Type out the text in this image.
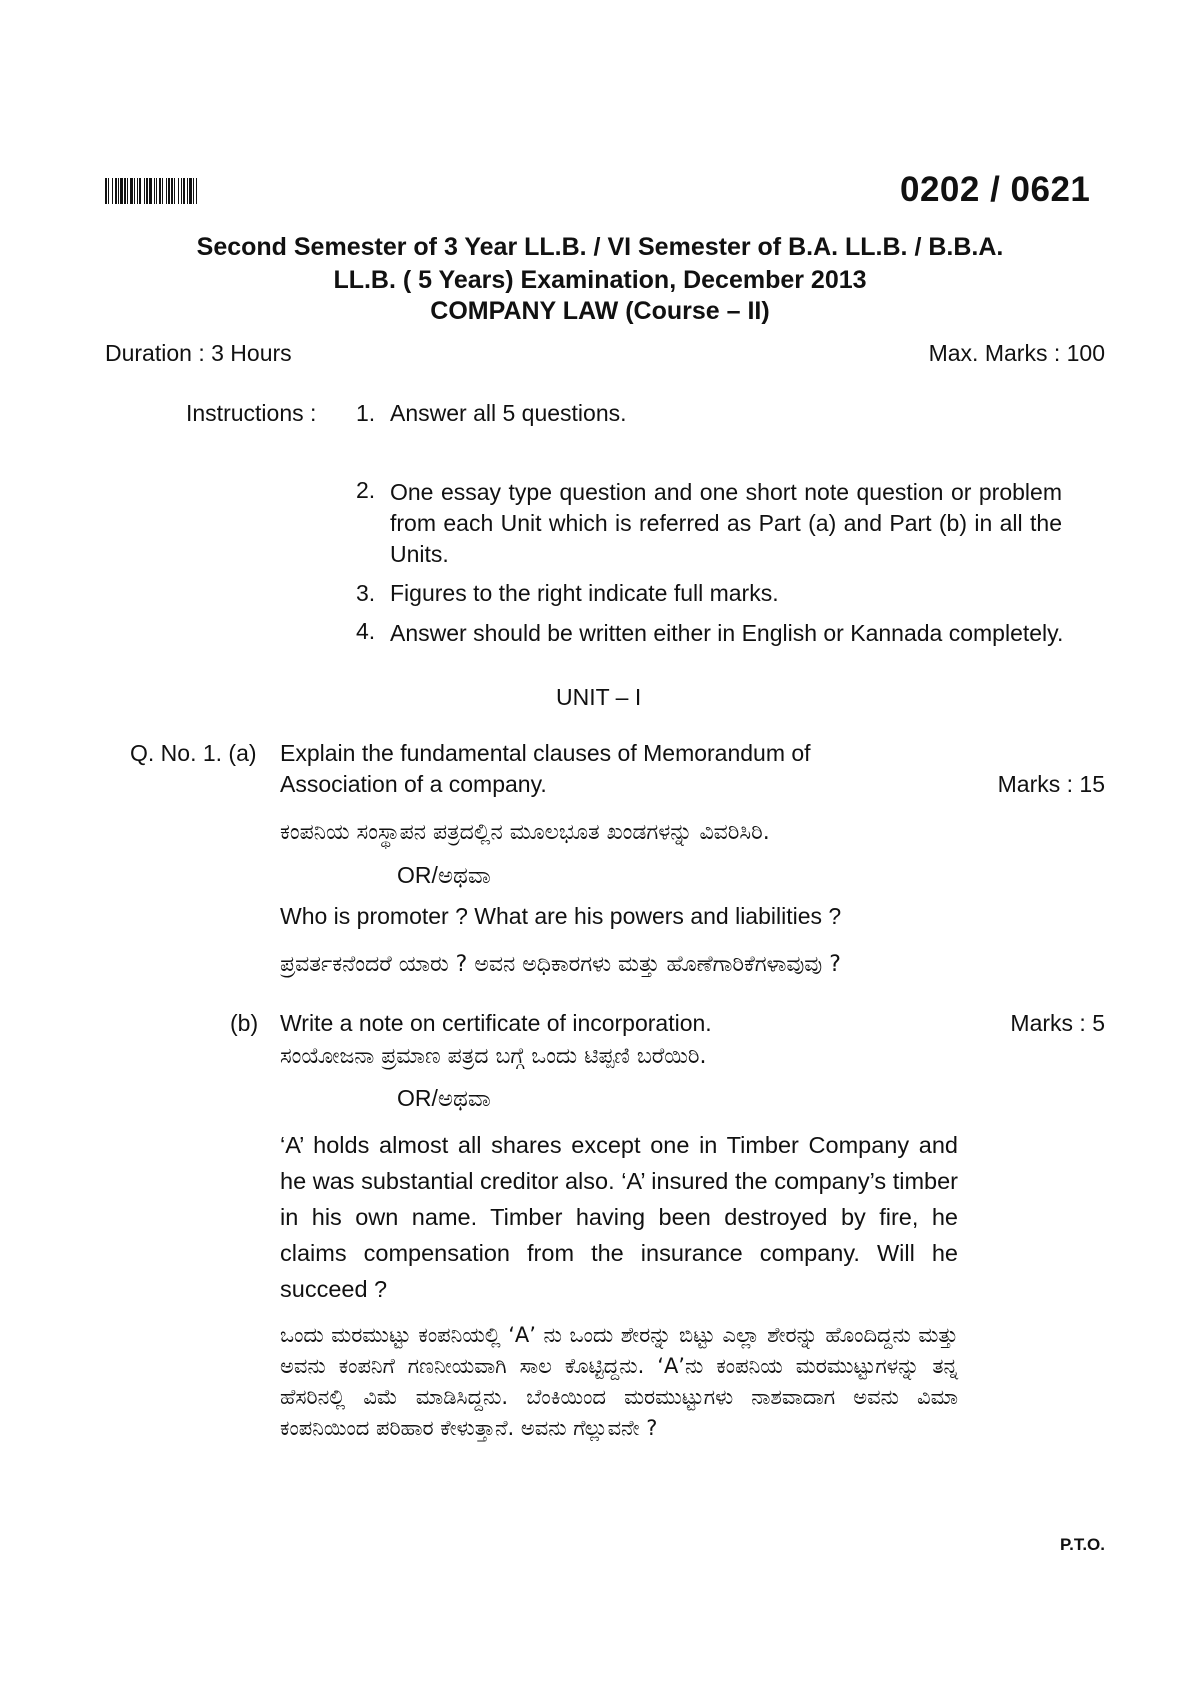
0202 / 0621
Second Semester of 3 Year LL.B. / VI Semester of B.A. LL.B. / B.B.A.
LL.B. ( 5 Years) Examination, December 2013
COMPANY LAW (Course – II)
Duration : 3 Hours	Max. Marks : 100
Instructions : 1. Answer all 5 questions.
2. One essay type question and one short note question or problem from each Unit which is referred as Part (a) and Part (b) in all the Units.
3. Figures to the right indicate full marks.
4. Answer should be written either in English or Kannada completely.
UNIT – I
Q. No. 1. (a) Explain the fundamental clauses of Memorandum of
Association of a company.	Marks : 15
ಕಂಪನಿಯ ಸಂಸ್ಥಾಪನ ಪತ್ರದಲ್ಲಿನ ಮೂಲಭೂತ ಖಂಡಗಳನ್ನು ವಿವರಿಸಿರಿ.
OR/ಅಥವಾ
Who is promoter ? What are his powers and liabilities ?
ಪ್ರವರ್ತಕನೆಂದರೆ ಯಾರು ? ಅವನ ಅಧಿಕಾರಗಳು ಮತ್ತು ಹೊಣೆಗಾರಿಕೆಗಳಾವುವು ?
(b) Write a note on certificate of incorporation.	Marks : 5
ಸಂಯೋಜನಾ ಪ್ರಮಾಣ ಪತ್ರದ ಬಗ್ಗೆ ಒಂದು ಟಿಪ್ಪಣಿ ಬರೆಯಿರಿ.
OR/ಅಥವಾ
‘A’ holds almost all shares except one in Timber Company and he was substantial creditor also. ‘A’ insured the company’s timber in his own name. Timber having been destroyed by fire, he claims compensation from the insurance company. Will he succeed ?
ಒಂದು ಮರಮುಟ್ಟು ಕಂಪನಿಯಲ್ಲಿ ‘A’ ನು ಒಂದು ಶೇರನ್ನು ಬಿಟ್ಟು ಎಲ್ಲಾ ಶೇರನ್ನು ಹೊಂದಿದ್ದನು ಮತ್ತು ಅವನು ಕಂಪನಿಗೆ ಗಣನೀಯವಾಗಿ ಸಾಲ ಕೊಟ್ಟಿದ್ದನು. ‘A’ನು ಕಂಪನಿಯ ಮರಮುಟ್ಟುಗಳನ್ನು ತನ್ನ ಹೆಸರಿನಲ್ಲಿ ವಿಮೆ ಮಾಡಿಸಿದ್ದನು. ಬೆಂಕಿಯಿಂದ ಮರಮುಟ್ಟುಗಳು ನಾಶವಾದಾಗ ಅವನು ವಿಮಾ ಕಂಪನಿಯಿಂದ ಪರಿಹಾರ ಕೇಳುತ್ತಾನೆ. ಅವನು ಗೆಲ್ಲುವನೇ ?
P.T.O.
